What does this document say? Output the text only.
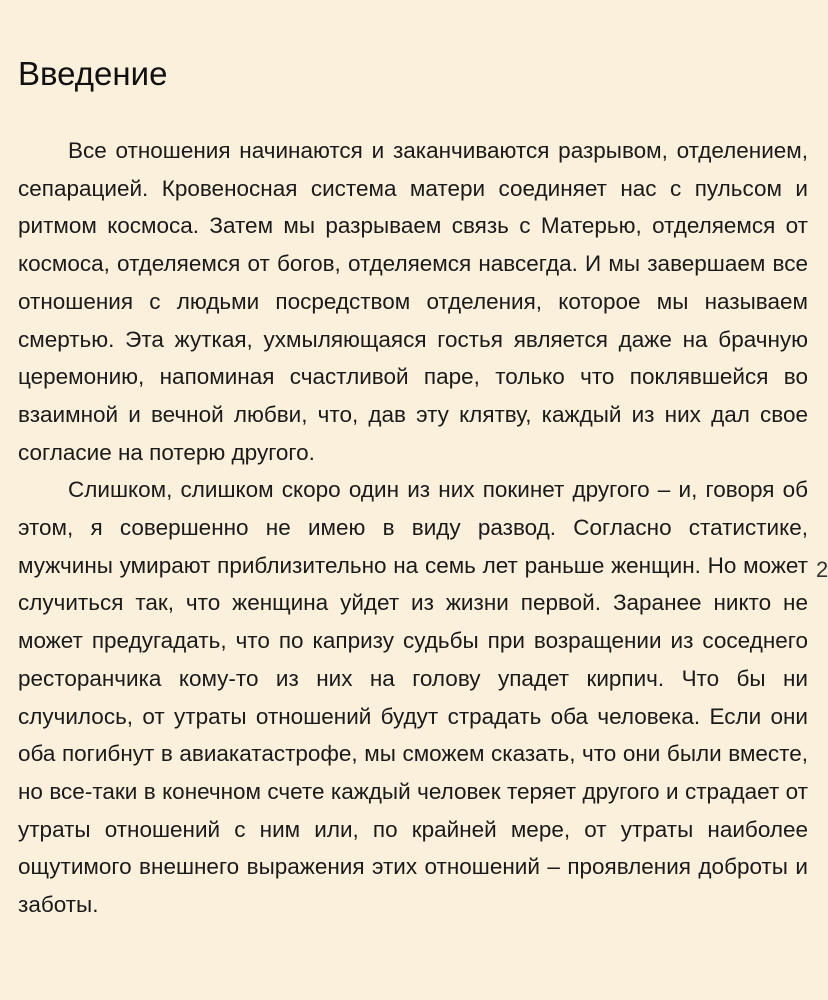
Введение

Все отношения начинаются и заканчиваются разрывом, отделением, сепарацией. Кровеносная система матери соединяет нас с пульсом и ритмом космоса. Затем мы разрываем связь с Матерью, отделяемся от космоса, отделяемся от богов, отделяемся навсегда. И мы завершаем все отношения с людьми посредством отделения, которое мы называем смертью. Эта жуткая, ухмыляющаяся гостья является даже на брачную церемонию, напоминая счастливой паре, только что поклявшейся во взаимной и вечной любви, что, дав эту клятву, каждый из них дал свое согласие на потерю другого.

Слишком, слишком скоро один из них покинет другого – и, говоря об этом, я совершенно не имею в виду развод. Согласно статистике, мужчины умирают приблизительно на семь лет раньше женщин. Но может случиться так, что женщина уйдет из жизни первой. Заранее никто не может предугадать, что по капризу судьбы при возращении из соседнего ресторанчика кому-то из них на голову упадет кирпич. Что бы ни случилось, от утраты отношений будут страдать оба человека. Если они оба погибнут в авиакатастрофе, мы сможем сказать, что они были вместе, но все-таки в конечном счете каждый человек теряет другого и страдает от утраты отношений с ним или, по крайней мере, от утраты наиболее ощутимого внешнего выражения этих отношений – проявления доброты и заботы.

2
